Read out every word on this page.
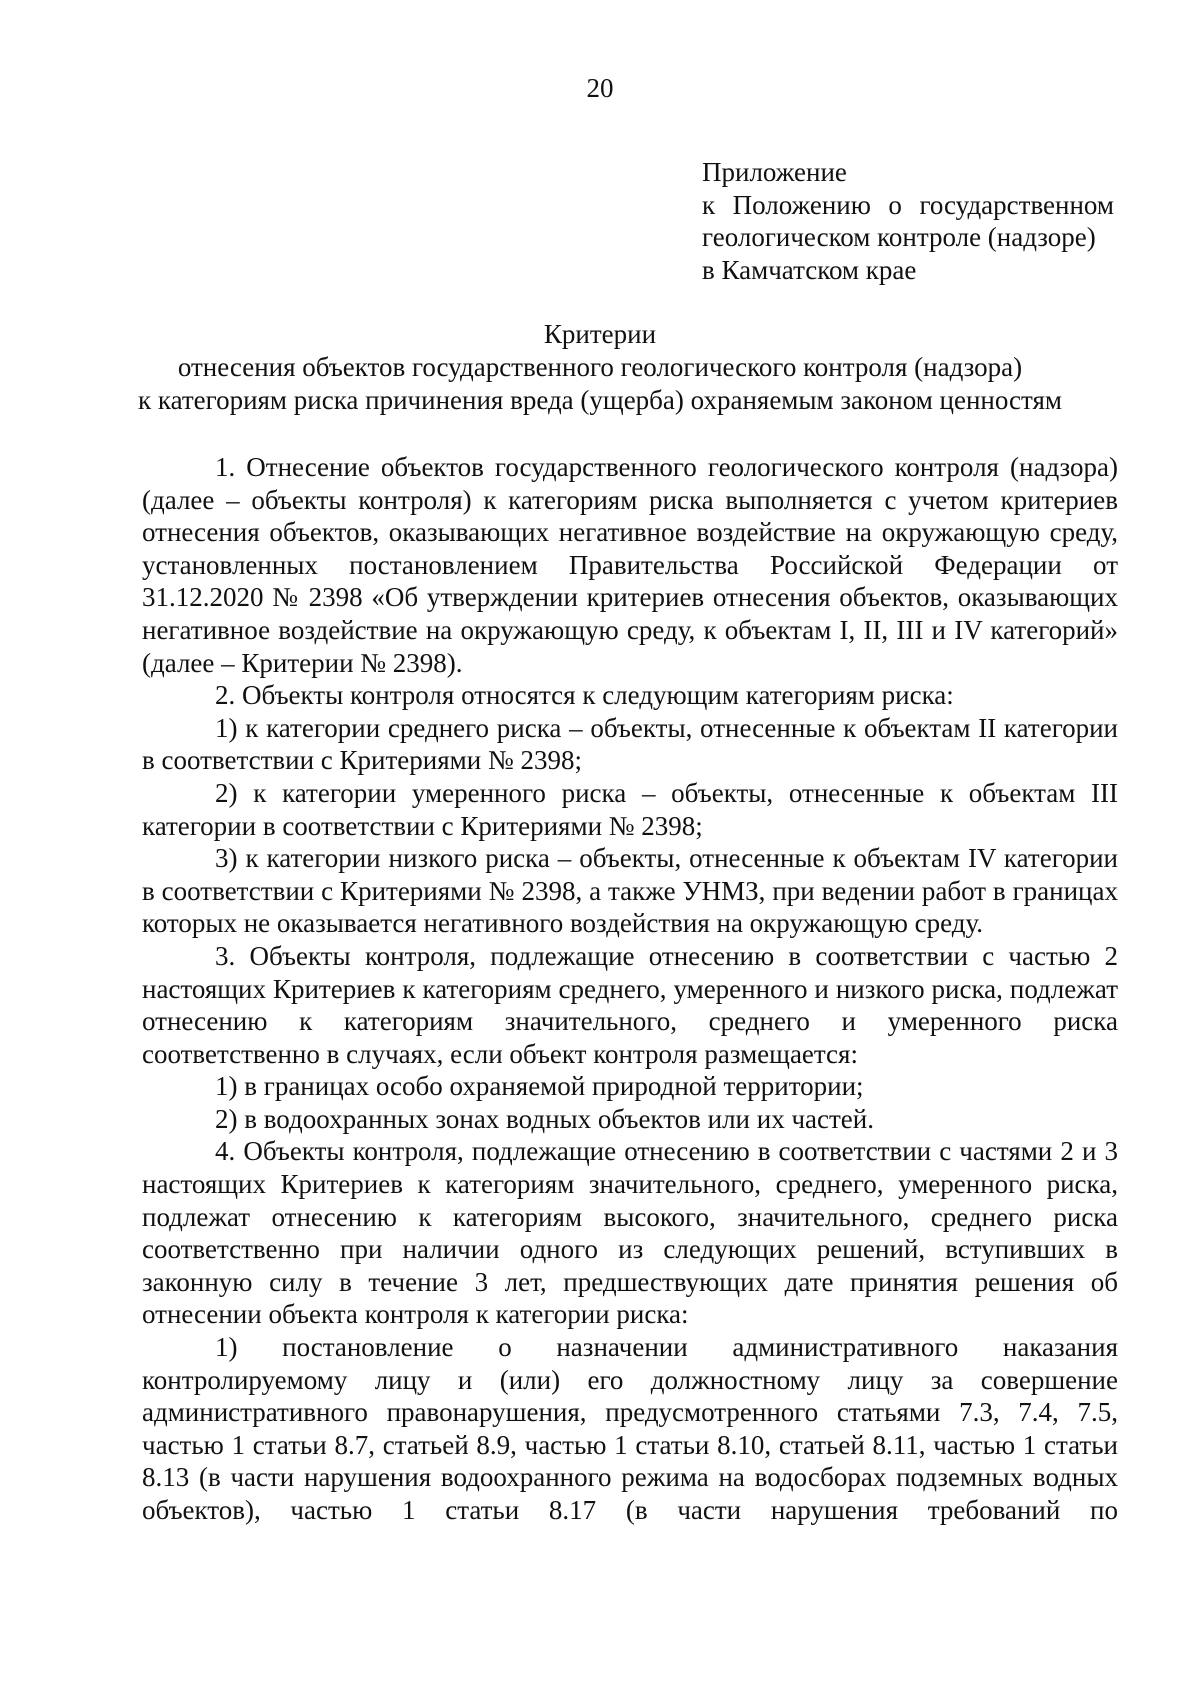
20
Приложение
к Положению о государственном
геологическом контроле (надзоре)
в Камчатском крае
Критерии
отнесения объектов государственного геологического контроля (надзора)
к категориям риска причинения вреда (ущерба) охраняемым законом ценностям

1. Отнесение объектов государственного геологического контроля (надзора) (далее – объекты контроля) к категориям риска выполняется с учетом критериев отнесения объектов, оказывающих негативное воздействие на окружающую среду, установленных постановлением Правительства Российской Федерации от 31.12.2020 № 2398 «Об утверждении критериев отнесения объектов, оказывающих негативное воздействие на окружающую среду, к объектам I, II, III и IV категорий» (далее – Критерии № 2398).

2. Объекты контроля относятся к следующим категориям риска:

1) к категории среднего риска – объекты, отнесенные к объектам II категории в соответствии с Критериями № 2398;

2) к категории умеренного риска – объекты, отнесенные к объектам III категории в соответствии с Критериями № 2398;

3) к категории низкого риска – объекты, отнесенные к объектам IV категории в соответствии с Критериями № 2398, а также УНМЗ, при ведении работ в границах которых не оказывается негативного воздействия на окружающую среду.

3. Объекты контроля, подлежащие отнесению в соответствии с частью 2 настоящих Критериев к категориям среднего, умеренного и низкого риска, подлежат отнесению к категориям значительного, среднего и умеренного риска соответственно в случаях, если объект контроля размещается:

1) в границах особо охраняемой природной территории;

2) в водоохранных зонах водных объектов или их частей.

4. Объекты контроля, подлежащие отнесению в соответствии с частями 2 и 3 настоящих Критериев к категориям значительного, среднего, умеренного риска, подлежат отнесению к категориям высокого, значительного, среднего риска соответственно при наличии одного из следующих решений, вступивших в законную силу в течение 3 лет, предшествующих дате принятия решения об отнесении объекта контроля к категории риска:

1) постановление о назначении административного наказания контролируемому лицу и (или) его должностному лицу за совершение административного правонарушения, предусмотренного статьями 7.3, 7.4, 7.5, частью 1 статьи 8.7, статьей 8.9, частью 1 статьи 8.10, статьей 8.11, частью 1 статьи 8.13 (в части нарушения водоохранного режима на водосборах подземных водных объектов), частью 1 статьи 8.17 (в части нарушения требований по
